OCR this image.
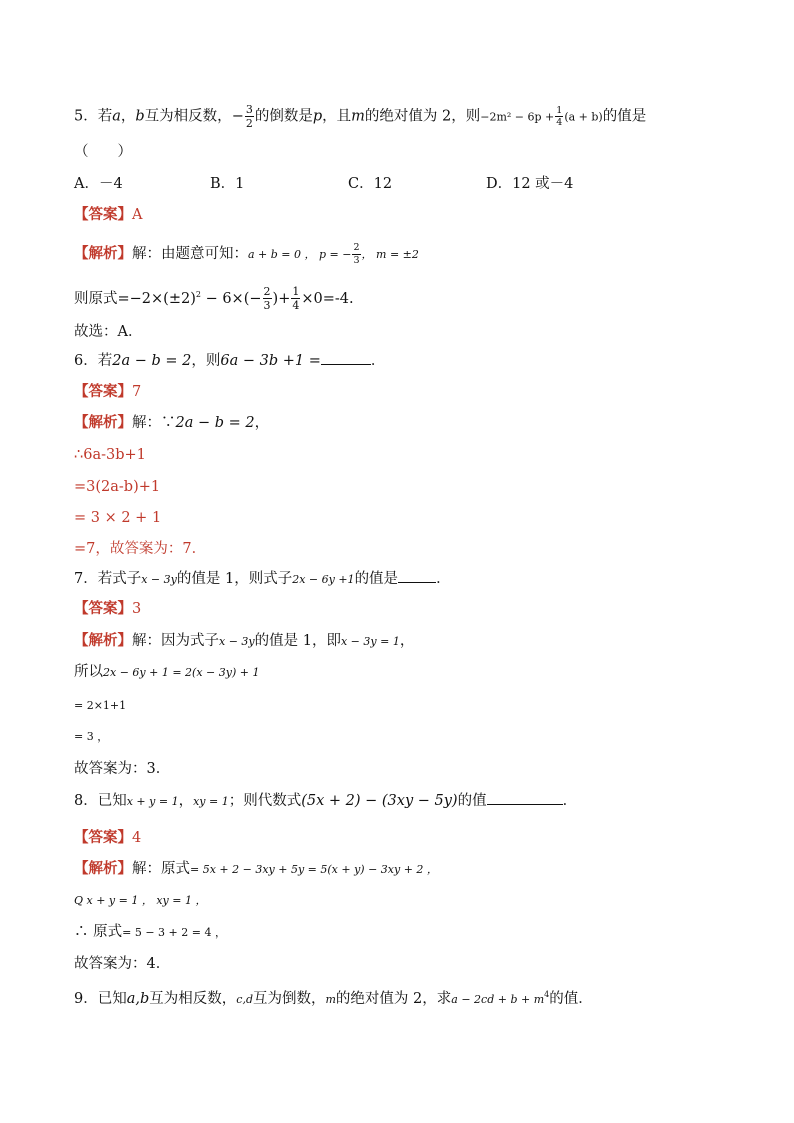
5．若a，b互为相反数，− $\frac{3}{2}$ 的倒数是p，且m的绝对值为 2，则$-2m^2 - 6p + \frac{1}{4} (a + b)$的值是
（　　）
A．－4	B．1	C．12	D．12 或－4
【答案】A
【解析】解：由题意可知：a + b = 0 ， p = − $\frac{2}{3}$ ， m = ±2
则原式$=-2\times(\pm 2)^2 - 6\times(- \frac{2}{3}$ )+ $\frac{1}{4} \times 0=-4$.
故选：A．
6．若2a − b = 2，则6a − 3b +1 =	．
【答案】7
【解析】解：∵2a − b = 2，
∴6a-3b+1
=3(2a-b)+1
= 3 × 2 + 1
=7，故答案为：7．
7．若式子x − 3y的值是 1，则式子2x − 6y +1的值是	．
【答案】3
【解析】解：因为式子x − 3y的值是 1，即x − 3y = 1，
所以2x − 6y + 1 = 2(x − 3y) + 1
= 2×1+1
= 3 ，
故答案为：3．
8．已知x + y = 1，xy = 1；则代数式(5x + 2) − (3xy − 5y)的值	．
【答案】4
【解析】解：原式= 5x + 2 − 3xy + 5y = 5(x + y) − 3xy + 2 ，
Q x + y = 1 ， xy = 1 ，
∴ 原式= 5 − 3 + 2 = 4 ，
故答案为：4．
9．已知a,b互为相反数，c,d互为倒数，m的绝对值为 2，求$a - 2cd + b + m^4$的值．
